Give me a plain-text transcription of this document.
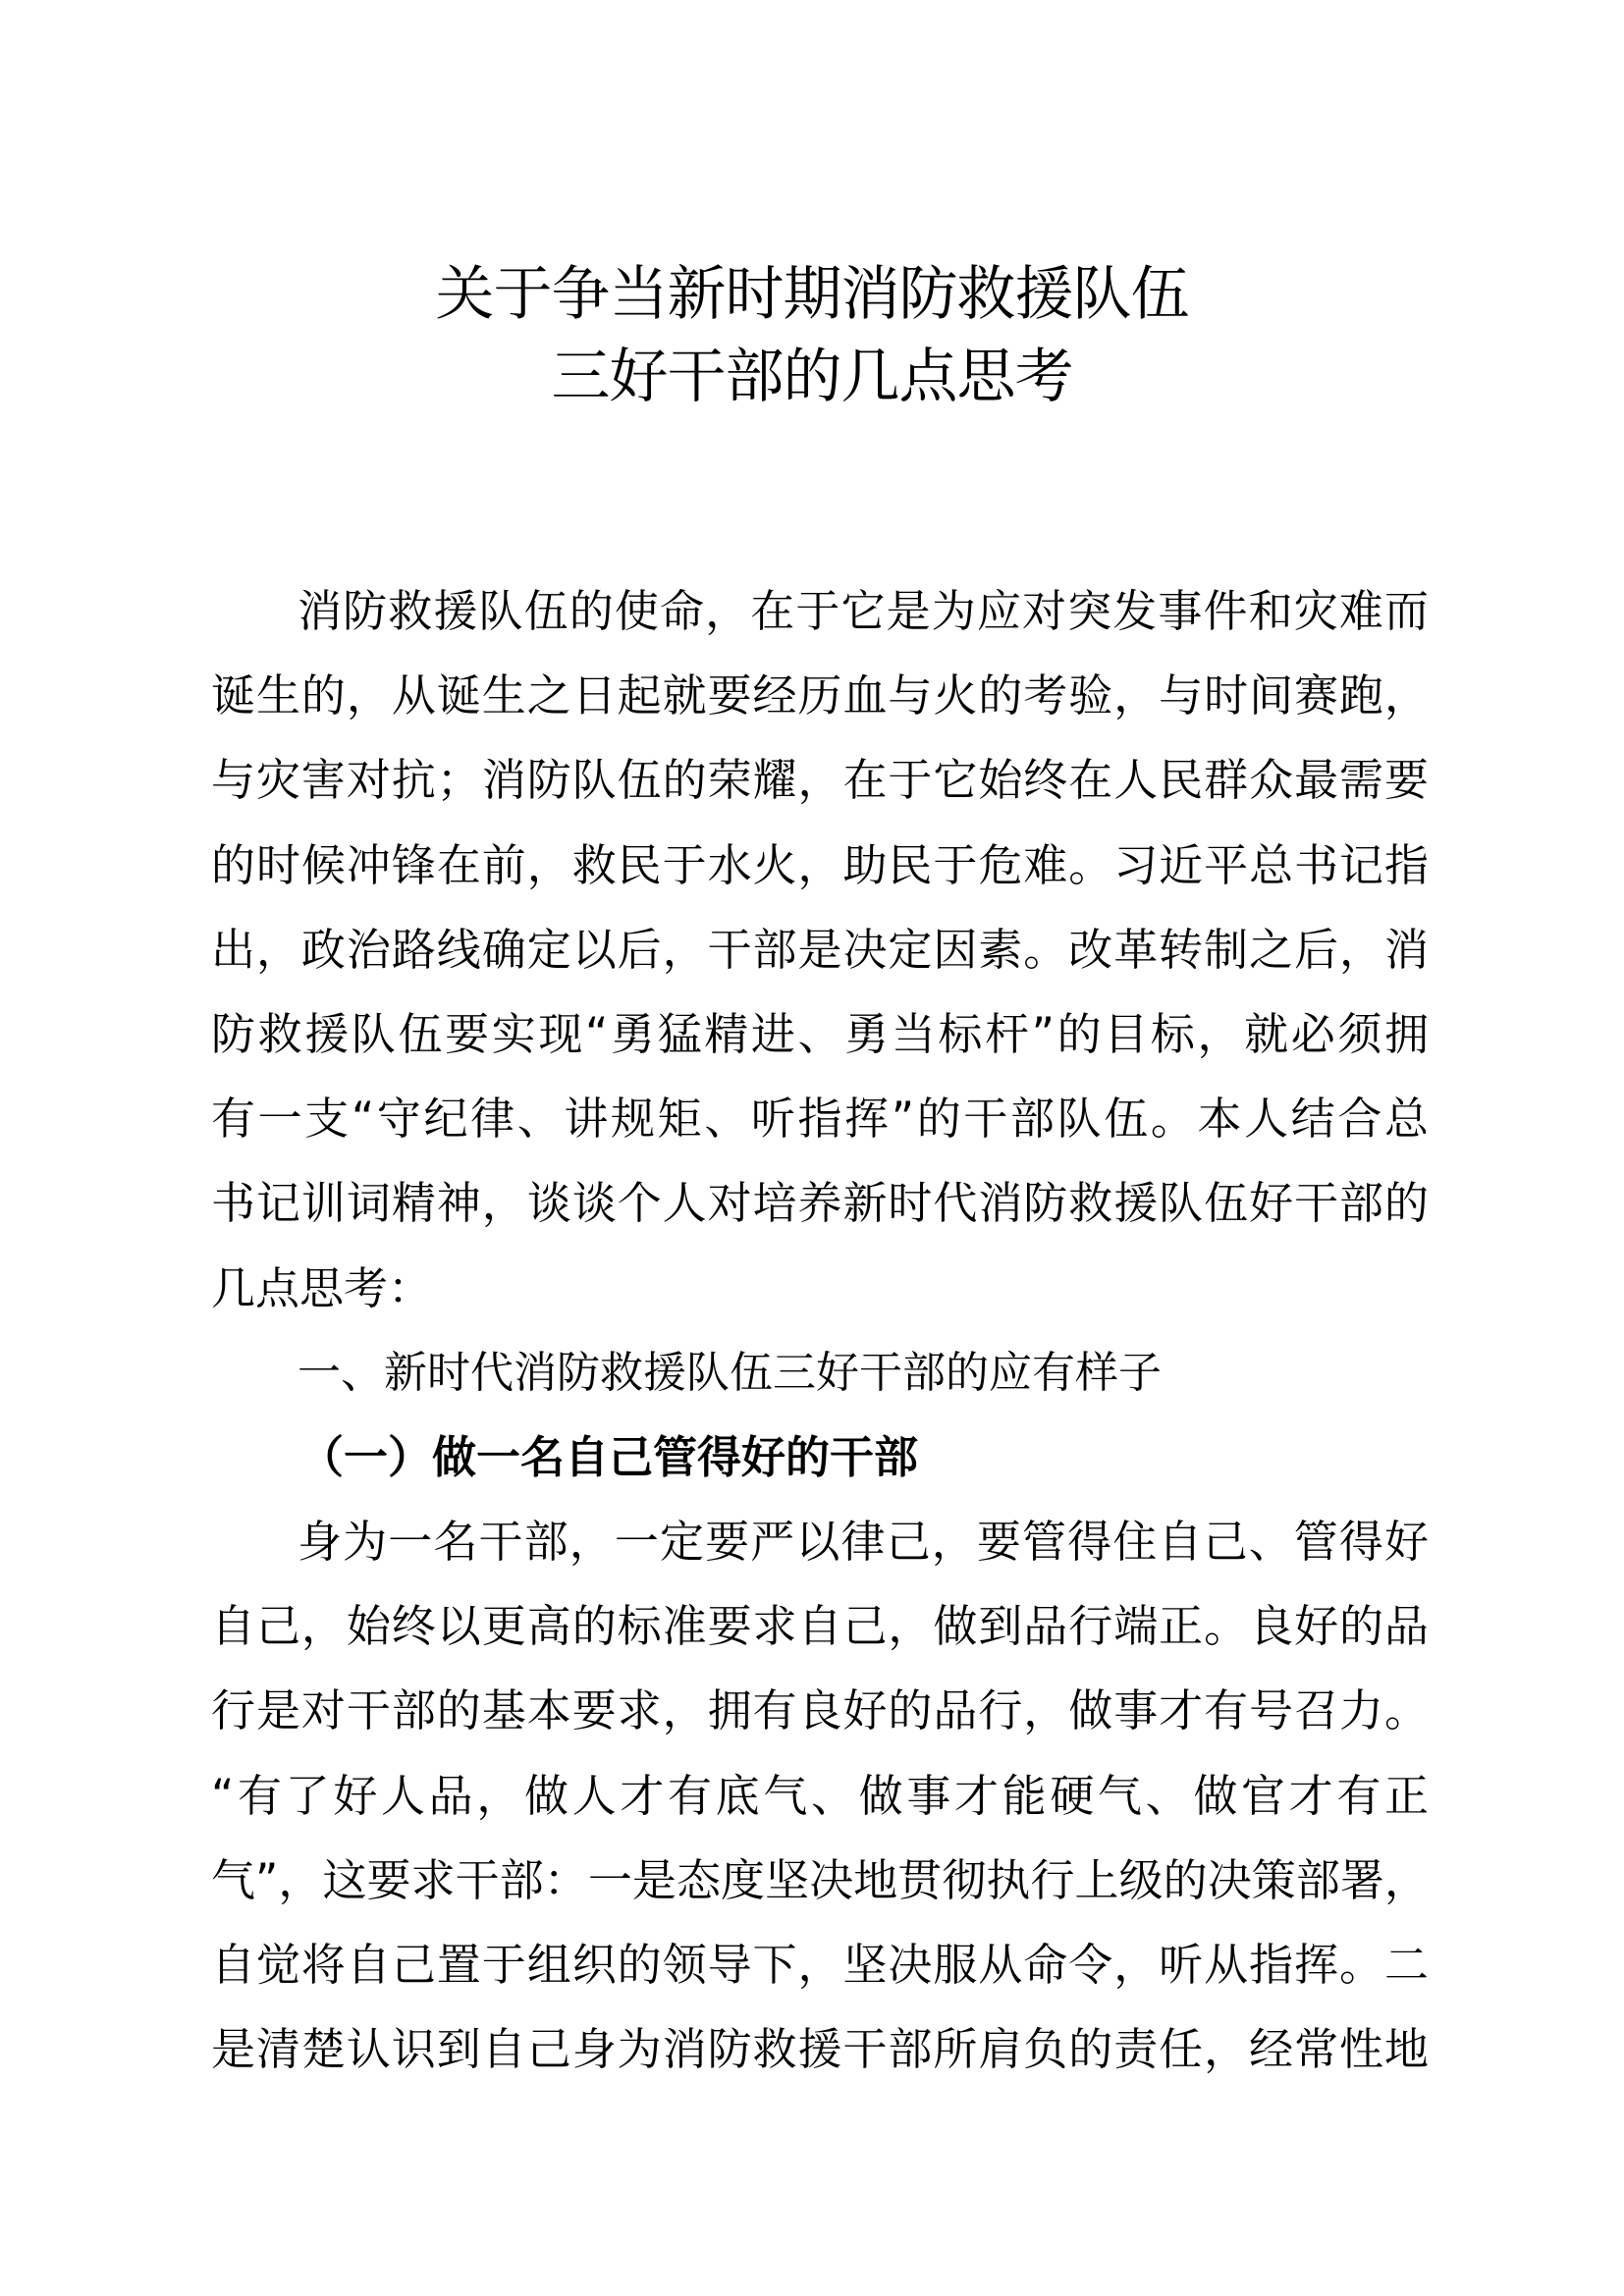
关于争当新时期消防救援队伍
三好干部的几点思考
消防救援队伍的使命，在于它是为应对突发事件和灾难而
诞生的，从诞生之日起就要经历血与火的考验，与时间赛跑，
与灾害对抗；消防队伍的荣耀，在于它始终在人民群众最需要
的时候冲锋在前，救民于水火，助民于危难。习近平总书记指
出，政治路线确定以后，干部是决定因素。改革转制之后，消
防救援队伍要实现“勇猛精进、勇当标杆”的目标，就必须拥
有一支“守纪律、讲规矩、听指挥”的干部队伍。本人结合总
书记训词精神，谈谈个人对培养新时代消防救援队伍好干部的
几点思考：
一、新时代消防救援队伍三好干部的应有样子
（一）做一名自己管得好的干部
身为一名干部，一定要严以律己，要管得住自己、管得好
自己，始终以更高的标准要求自己，做到品行端正。良好的品
行是对干部的基本要求，拥有良好的品行，做事才有号召力。
“有了好人品，做人才有底气、做事才能硬气、做官才有正
气”，这要求干部：一是态度坚决地贯彻执行上级的决策部署，
自觉将自己置于组织的领导下，坚决服从命令，听从指挥。二
是清楚认识到自己身为消防救援干部所肩负的责任，经常性地
